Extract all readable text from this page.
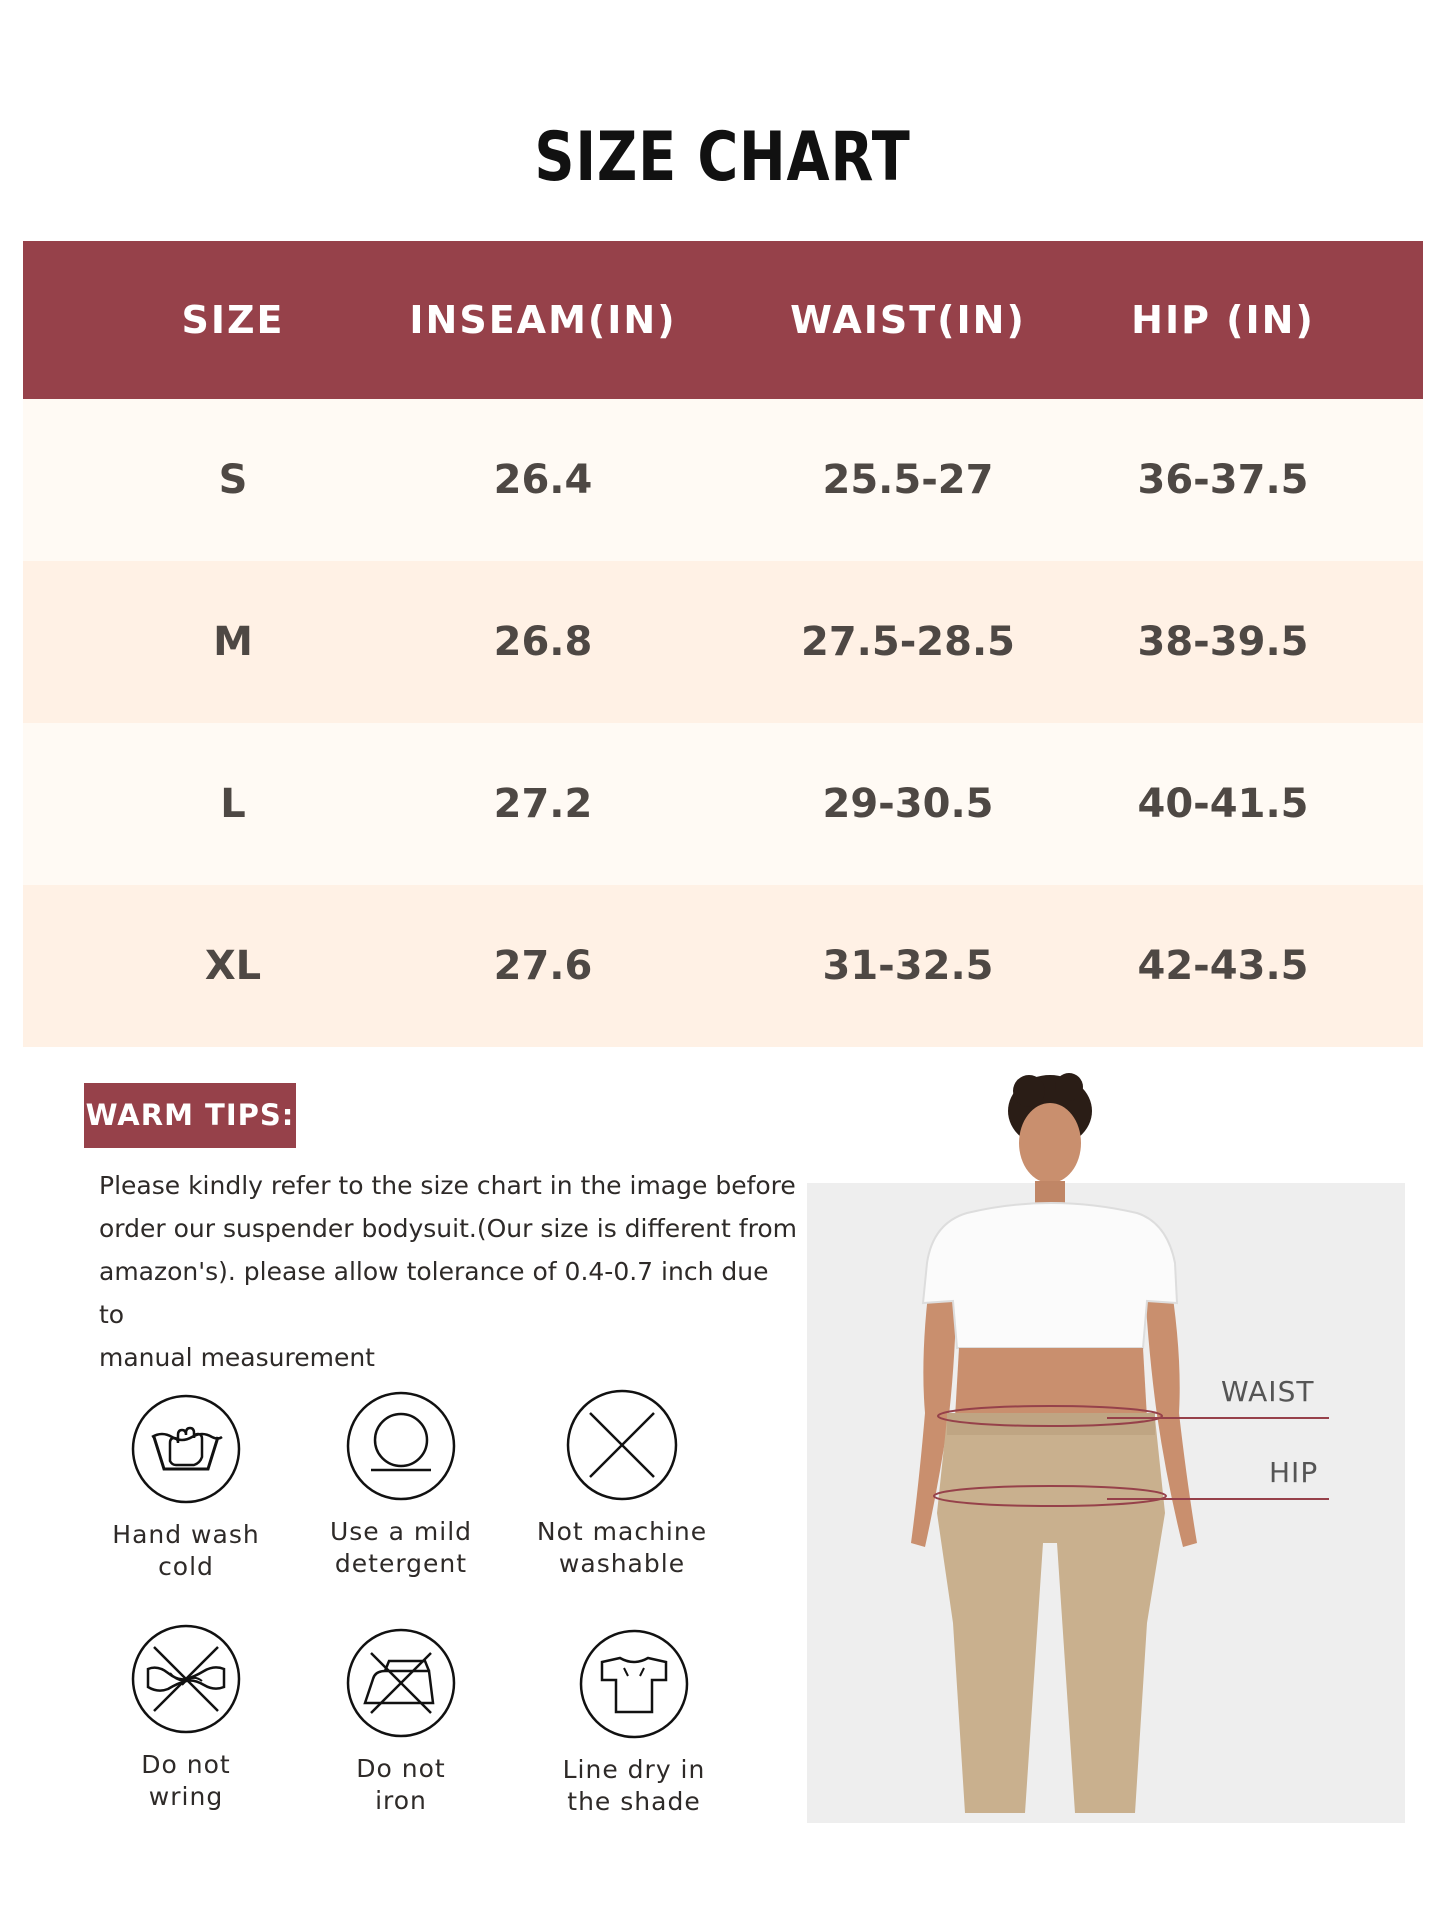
SIZE CHART
SIZE	INSEAM(IN)	WAIST(IN)	HIP (IN)
S	26.4	25.5-27	36-37.5
M	26.8	27.5-28.5	38-39.5
L	27.2	29-30.5	40-41.5
XL	27.6	31-32.5	42-43.5
WARM TIPS:
Please kindly refer to the size chart in the image before
order our suspender bodysuit.(Our size is different from
amazon's). please allow tolerance of 0.4-0.7 inch due to
manual measurement
Hand wash
cold
Use a mild
detergent
Not machine
washable
Do not
wring
Do not
iron
Line dry in
the shade
WAIST
HIP
